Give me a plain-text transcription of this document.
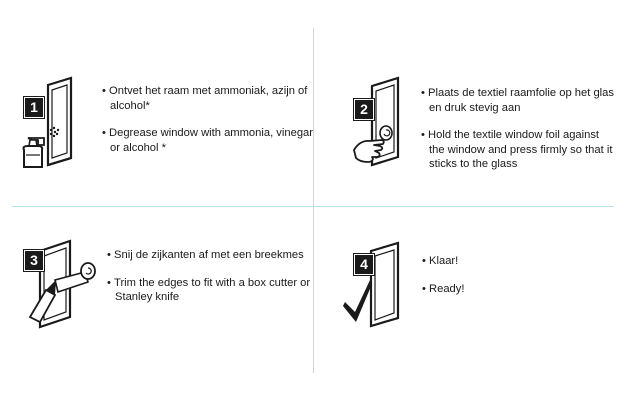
1

• Ontvet het raam met ammoniak, azijn of alcohol*

• Degrease window with ammonia, vinegar or alcohol *

2

• Plaats de textiel raamfolie op het glas en druk stevig aan

• Hold the textile window foil against the window and press firmly so that it sticks to the glass

3	• Snij de zijkanten af met een breekmes

• Trim the edges to fit with a box cutter or Stanley knife

4	• Klaar!

• Ready!
